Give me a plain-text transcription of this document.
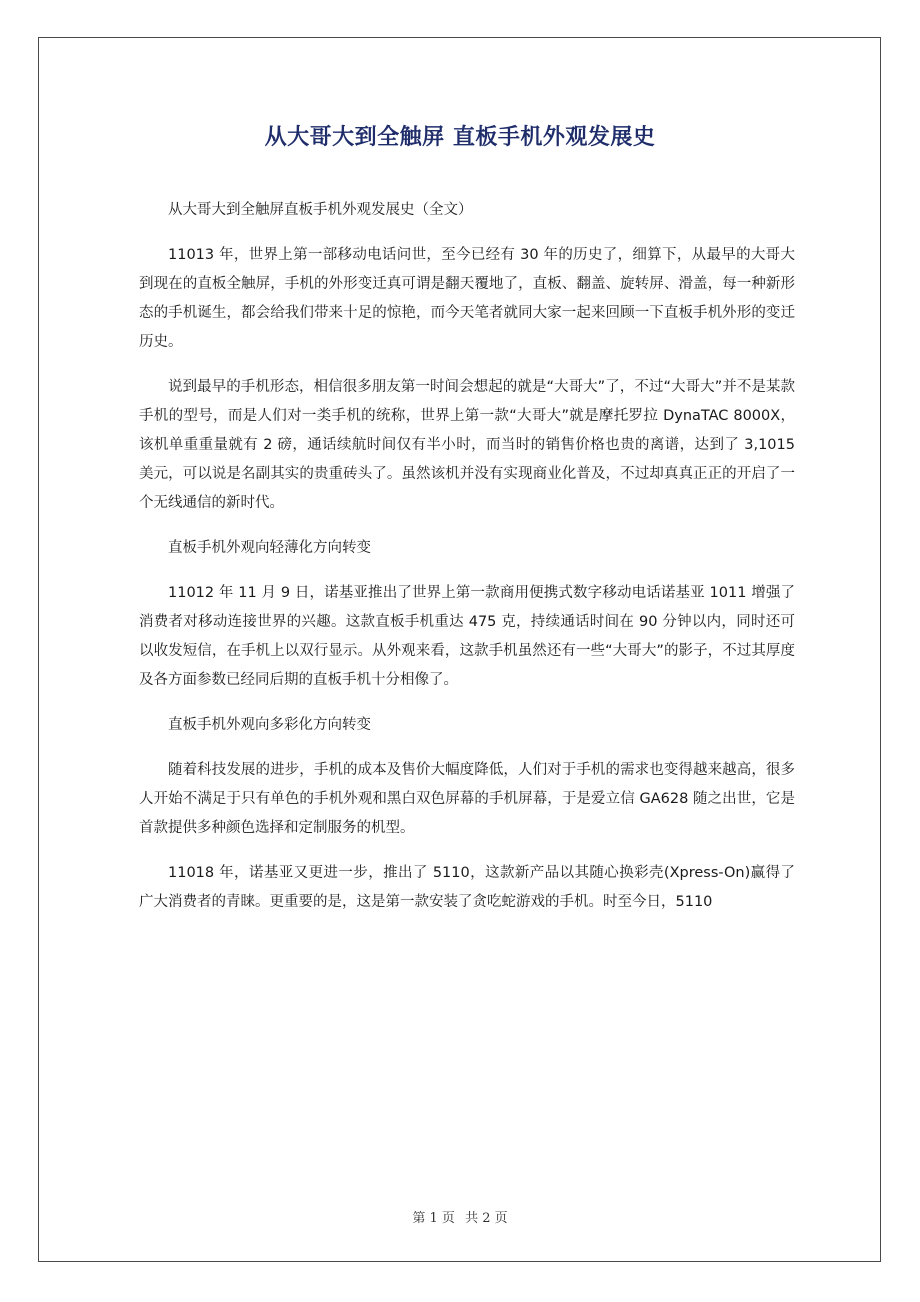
从大哥大到全触屏 直板手机外观发展史

从大哥大到全触屏直板手机外观发展史（全文）

11013 年，世界上第一部移动电话问世，至今已经有 30 年的历史了，细算下，从最早的大哥大到现在的直板全触屏，手机的外形变迁真可谓是翻天覆地了，直板、翻盖、旋转屏、滑盖，每一种新形态的手机诞生，都会给我们带来十足的惊艳，而今天笔者就同大家一起来回顾一下直板手机外形的变迁历史。

说到最早的手机形态，相信很多朋友第一时间会想起的就是“大哥大”了，不过“大哥大”并不是某款手机的型号，而是人们对一类手机的统称，世界上第一款“大哥大”就是摩托罗拉 DynaTAC 8000X，该机单重重量就有 2 磅，通话续航时间仅有半小时，而当时的销售价格也贵的离谱，达到了 3,1015 美元，可以说是名副其实的贵重砖头了。虽然该机并没有实现商业化普及，不过却真真正正的开启了一个无线通信的新时代。

直板手机外观向轻薄化方向转变

11012 年 11 月 9 日，诺基亚推出了世界上第一款商用便携式数字移动电话诺基亚 1011 增强了消费者对移动连接世界的兴趣。这款直板手机重达 475 克，持续通话时间在 90 分钟以内，同时还可以收发短信，在手机上以双行显示。从外观来看，这款手机虽然还有一些“大哥大”的影子，不过其厚度及各方面参数已经同后期的直板手机十分相像了。

直板手机外观向多彩化方向转变

随着科技发展的进步，手机的成本及售价大幅度降低，人们对于手机的需求也变得越来越高，很多人开始不满足于只有单色的手机外观和黑白双色屏幕的手机屏幕，于是爱立信 GA628 随之出世，它是首款提供多种颜色选择和定制服务的机型。

11018 年，诺基亚又更进一步，推出了 5110，这款新产品以其随心换彩壳(Xpress-On)赢得了广大消费者的青睐。更重要的是，这是第一款安装了贪吃蛇游戏的手机。时至今日，5110

第 1 页 共 2 页
